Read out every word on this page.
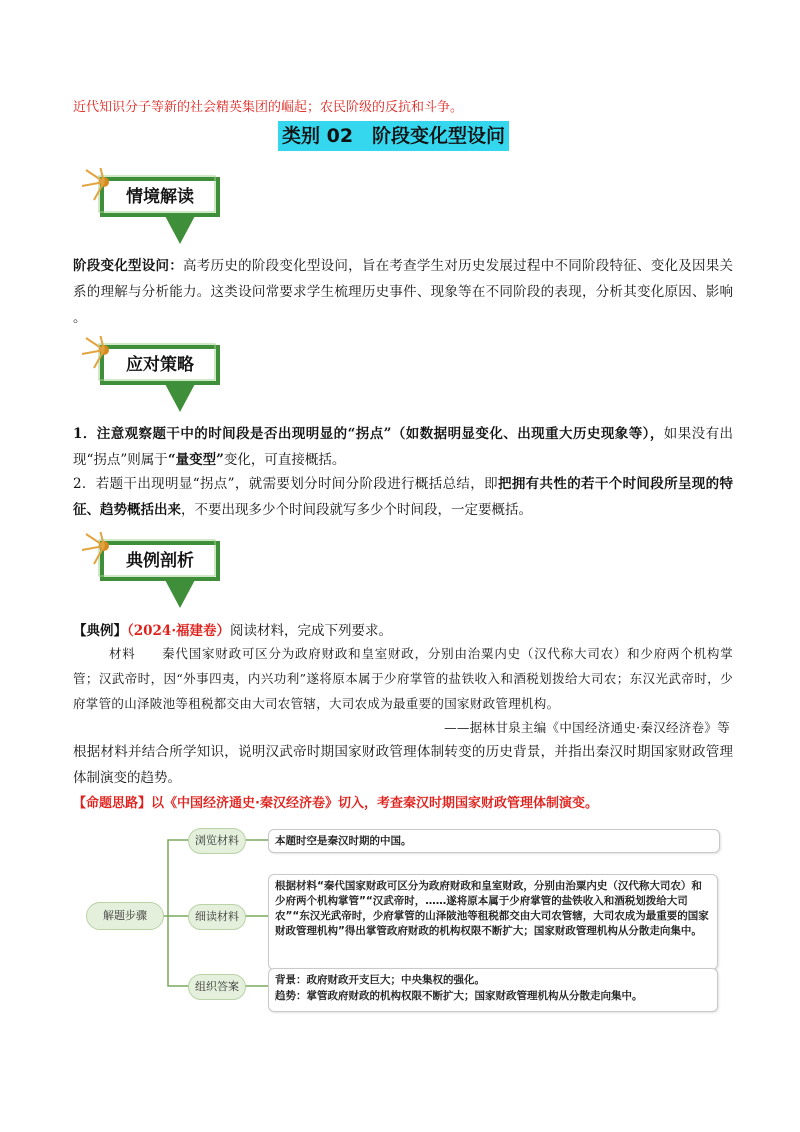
近代知识分子等新的社会精英集团的崛起；农民阶级的反抗和斗争。
类别 02　阶段变化型设问
情境解读

阶段变化型设问：高考历史的阶段变化型设问，旨在考查学生对历史发展过程中不同阶段特征、变化及因果关系的理解与分析能力。这类设问常要求学生梳理历史事件、现象等在不同阶段的表现，分析其变化原因、影响 。

应对策略

1．注意观察题干中的时间段是否出现明显的“拐点”（如数据明显变化、出现重大历史现象等），如果没有出现“拐点”则属于“量变型”变化，可直接概括。

2．若题干出现明显“拐点”，就需要划分时间分阶段进行概括总结，即把拥有共性的若干个时间段所呈现的特征、趋势概括出来，不要出现多少个时间段就写多少个时间段，一定要概括。

典例剖析
【典例】（2024·福建卷）阅读材料，完成下列要求。

材料　　秦代国家财政可区分为政府财政和皇室财政，分别由治粟内史（汉代称大司农）和少府两个机构掌管；汉武帝时，因“外事四夷，内兴功利”遂将原本属于少府掌管的盐铁收入和酒税划拨给大司农；东汉光武帝时，少府掌管的山泽陂池等租税都交由大司农管辖，大司农成为最重要的国家财政管理机构。

——据林甘泉主编《中国经济通史·秦汉经济卷》等

根据材料并结合所学知识，说明汉武帝时期国家财政管理体制转变的历史背景，并指出秦汉时期国家财政管理体制演变的趋势。

【命题思路】以《中国经济通史·秦汉经济卷》切入，考查秦汉时期国家财政管理体制演变。
解题步骤
浏览材料	本题时空是秦汉时期的中国。
细读材料
根据材料“秦代国家财政可区分为政府财政和皇室财政，分别由治粟内史（汉代称大司农）和少府两个机构掌管”“汉武帝时，……遂将原本属于少府掌管的盐铁收入和酒税划拨给大司农”“东汉光武帝时，少府掌管的山泽陂池等租税都交由大司农管辖，大司农成为最重要的国家财政管理机构”得出掌管政府财政的机构权限不断扩大；国家财政管理机构从分散走向集中。
组织答案	背景：政府财政开支巨大；中央集权的强化。
趋势：掌管政府财政的机构权限不断扩大；国家财政管理机构从分散走向集中。
